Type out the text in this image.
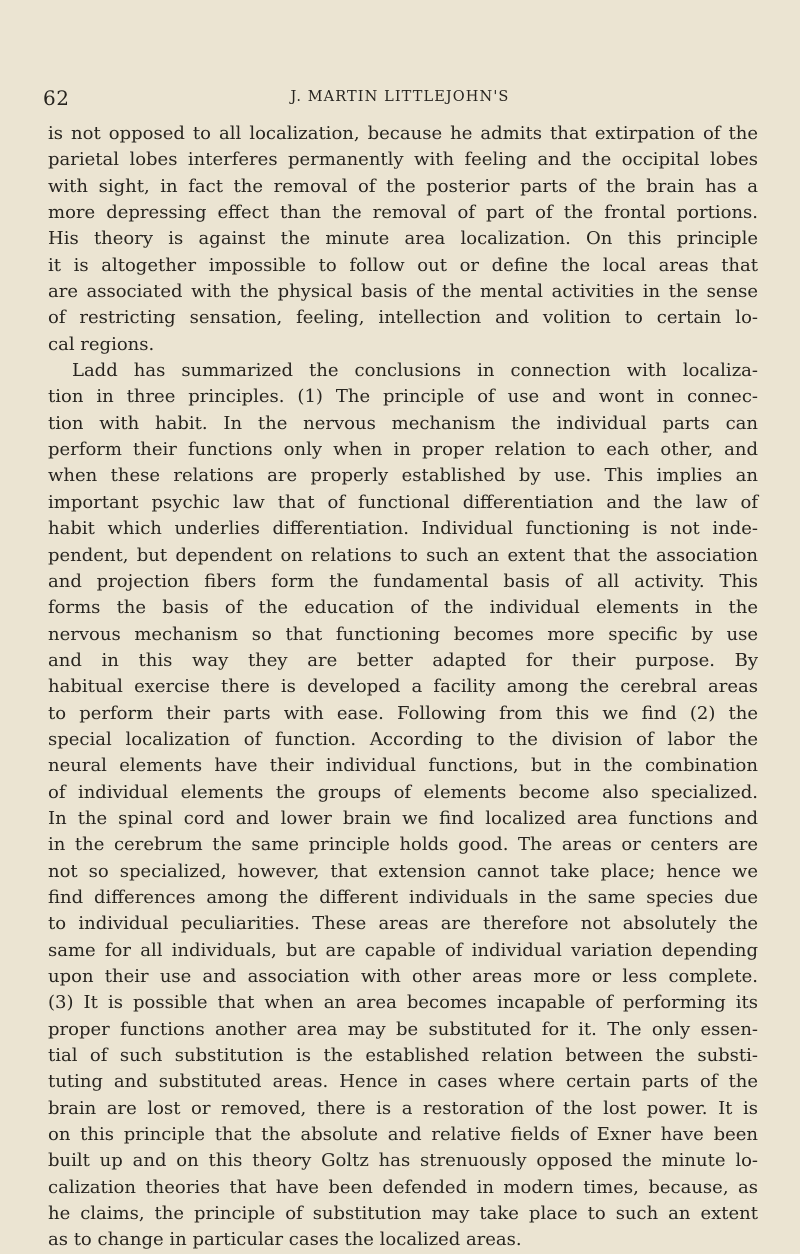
62	J. MARTIN LITTLEJOHN'S
is not opposed to all localization, because he admits that extirpation of the
parietal lobes interferes permanently with feeling and the occipital lobes
with sight, in fact the removal of the posterior parts of the brain has a
more depressing effect than the removal of part of the frontal portions.
His theory is against the minute area localization. On this principle
it is altogether impossible to follow out or define the local areas that
are associated with the physical basis of the mental activities in the sense
of restricting sensation, feeling, intellection and volition to certain lo-
cal regions.
Ladd has summarized the conclusions in connection with localiza-
tion in three principles. (1) The principle of use and wont in connec-
tion with habit. In the nervous mechanism the individual parts can
perform their functions only when in proper relation to each other, and
when these relations are properly established by use. This implies an
important psychic law that of functional differentiation and the law of
habit which underlies differentiation. Individual functioning is not inde-
pendent, but dependent on relations to such an extent that the association
and projection fibers form the fundamental basis of all activity. This
forms the basis of the education of the individual elements in the
nervous mechanism so that functioning becomes more specific by use
and in this way they are better adapted for their purpose. By
habitual exercise there is developed a facility among the cerebral areas
to perform their parts with ease. Following from this we find (2) the
special localization of function. According to the division of labor the
neural elements have their individual functions, but in the combination
of individual elements the groups of elements become also specialized.
In the spinal cord and lower brain we find localized area functions and
in the cerebrum the same principle holds good. The areas or centers are
not so specialized, however, that extension cannot take place; hence we
find differences among the different individuals in the same species due
to individual peculiarities. These areas are therefore not absolutely the
same for all individuals, but are capable of individual variation depending
upon their use and association with other areas more or less complete.
(3) It is possible that when an area becomes incapable of performing its
proper functions another area may be substituted for it. The only essen-
tial of such substitution is the established relation between the substi-
tuting and substituted areas. Hence in cases where certain parts of the
brain are lost or removed, there is a restoration of the lost power. It is
on this principle that the absolute and relative fields of Exner have been
built up and on this theory Goltz has strenuously opposed the minute lo-
calization theories that have been defended in modern times, because, as
he claims, the principle of substitution may take place to such an extent
as to change in particular cases the localized areas.
